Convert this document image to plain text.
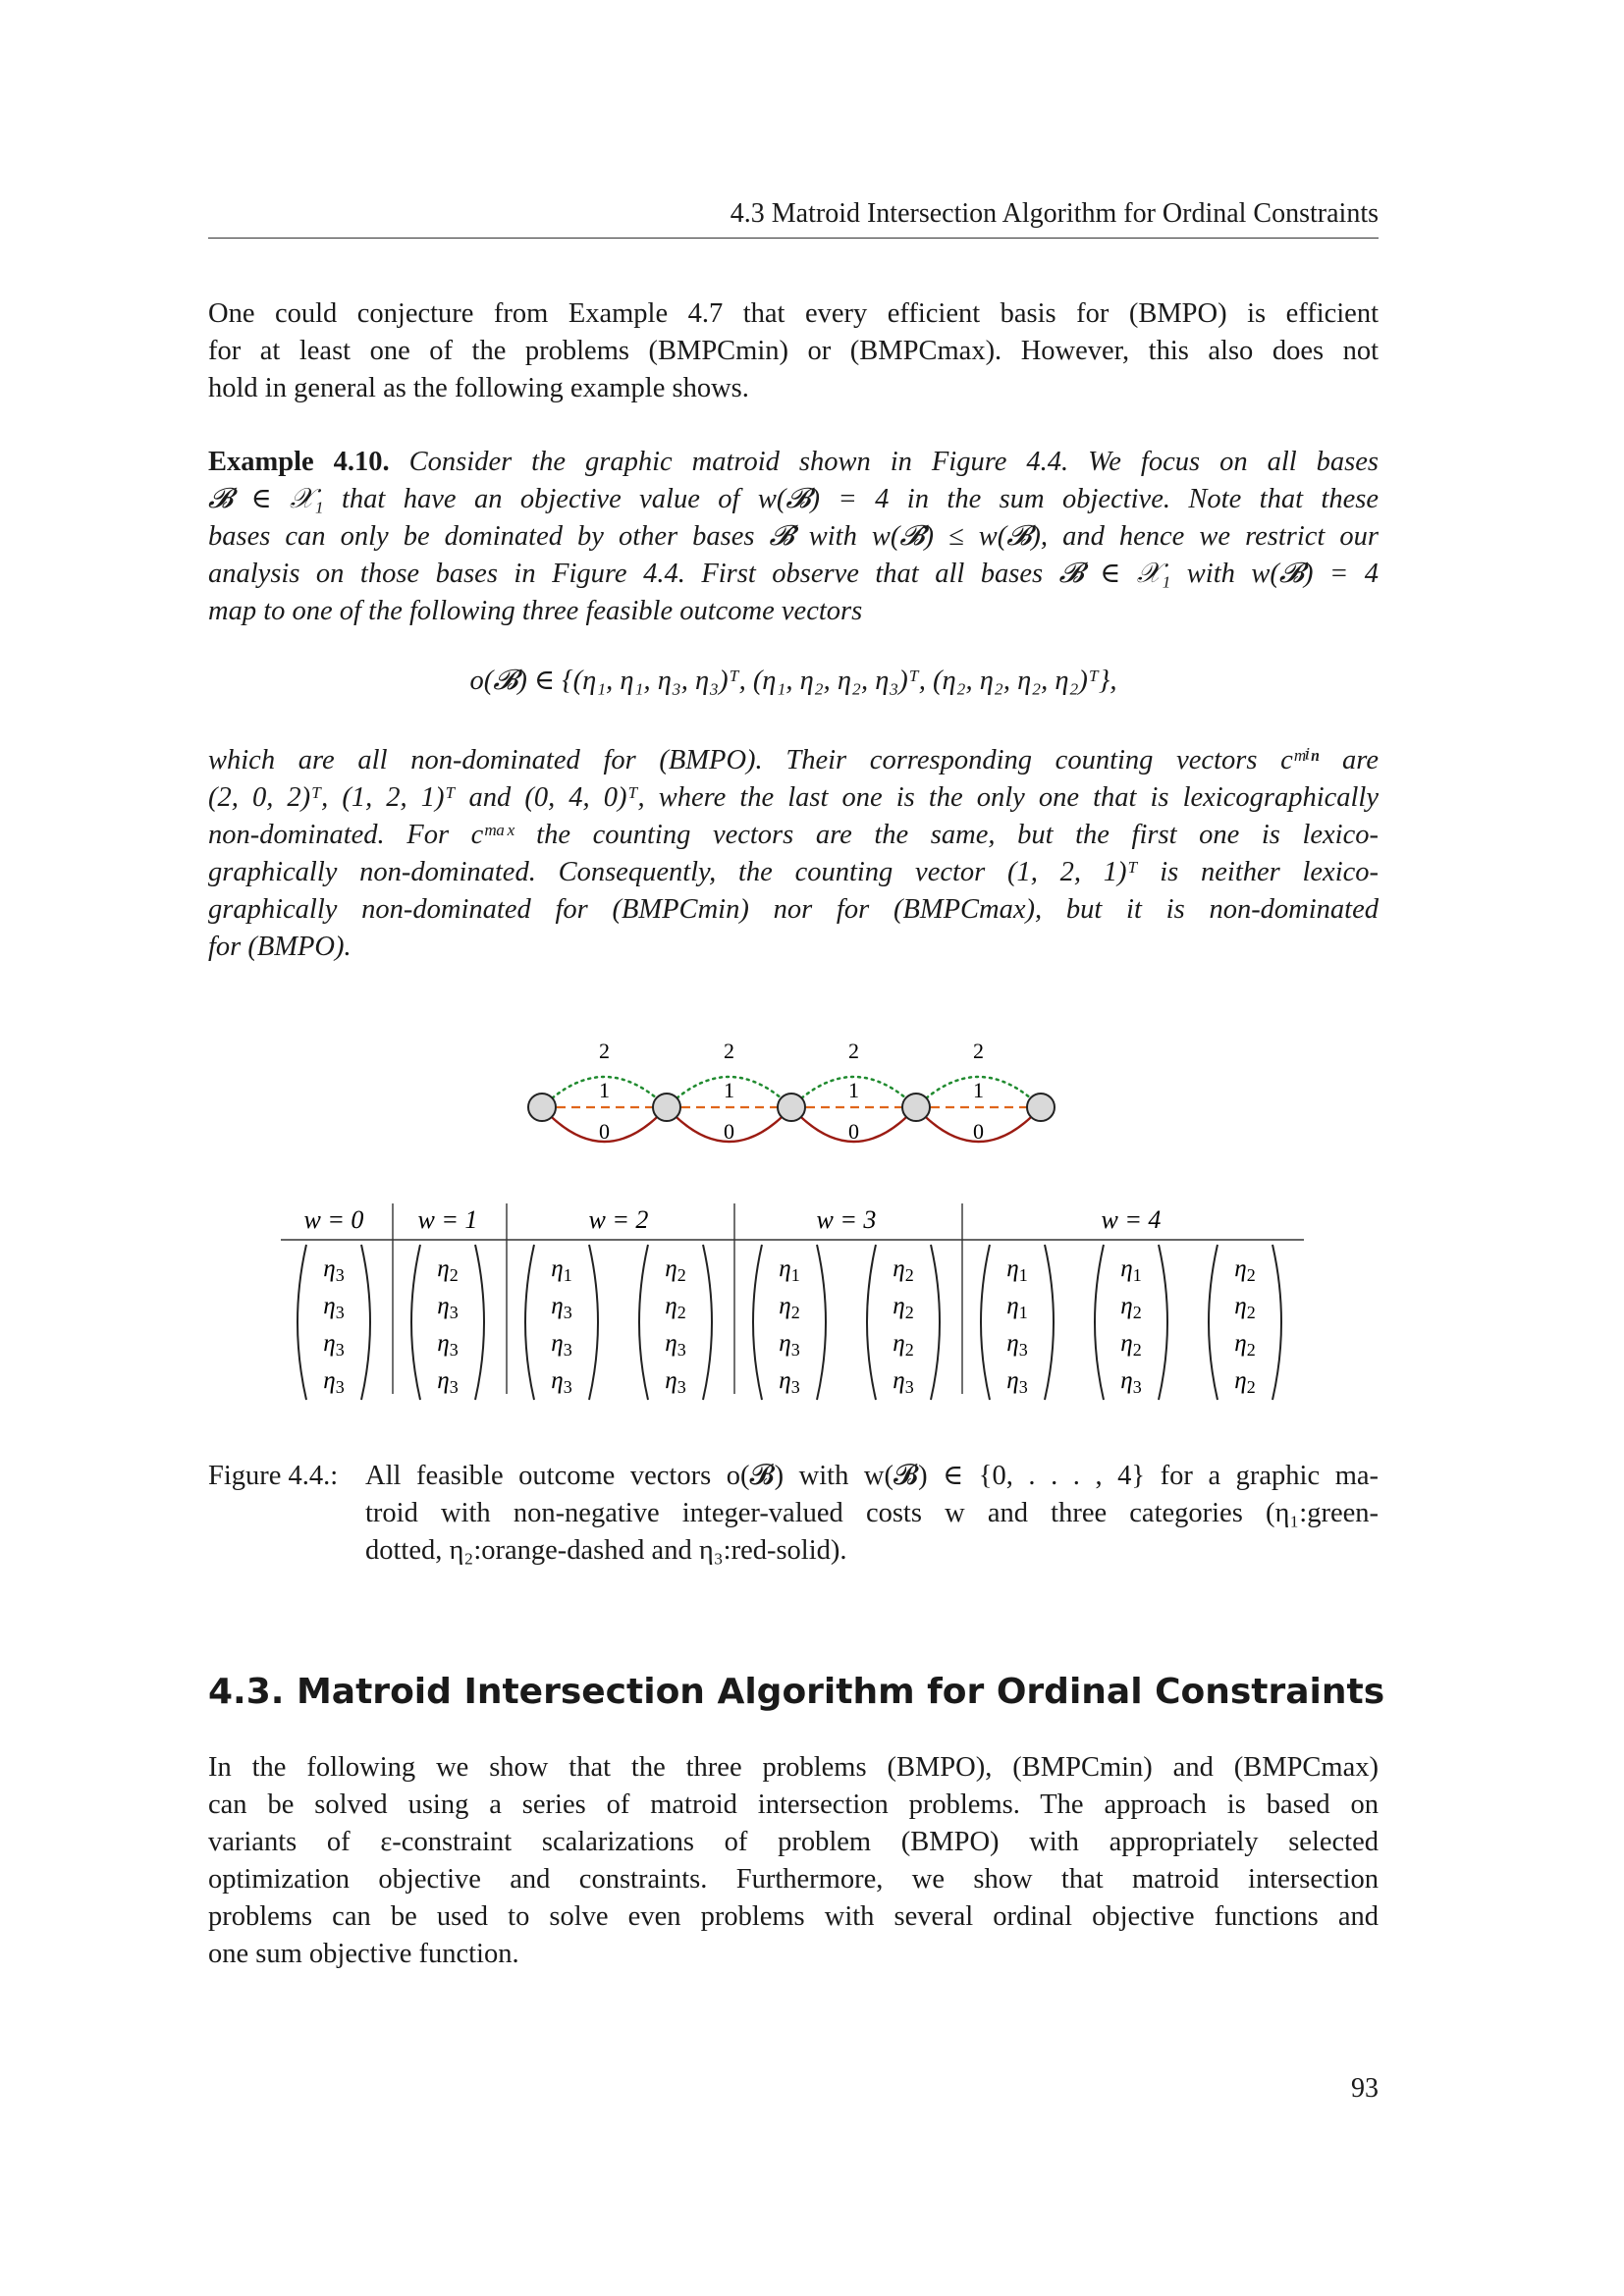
4.3 Matroid Intersection Algorithm for Ordinal Constraints
One could conjecture from Example 4.7 that every efficient basis for (BMPO) is efficient
for at least one of the problems (BMPCmin) or (BMPCmax). However, this also does not
hold in general as the following example shows.
Example 4.10. Consider the graphic matroid shown in Figure 4.4. We focus on all bases
𝓑 ∈ 𝒳₁ that have an objective value of w(𝓑) = 4 in the sum objective. Note that these
bases can only be dominated by other bases 𝓑̂ with w(𝓑̂) ≤ w(𝓑), and hence we restrict our
analysis on those bases in Figure 4.4. First observe that all bases 𝓑 ∈ 𝒳₁ with w(𝓑) = 4
map to one of the following three feasible outcome vectors
o(𝓑) ∈ {(η₁, η₁, η₃, η₃)ᵀ, (η₁, η₂, η₂, η₃)ᵀ, (η₂, η₂, η₂, η₂)ᵀ},
which are all non-dominated for (BMPO). Their corresponding counting vectors cᵐⁱⁿ are
(2, 0, 2)ᵀ, (1, 2, 1)ᵀ and (0, 4, 0)ᵀ, where the last one is the only one that is lexicographically
non-dominated. For cᵐᵃˣ the counting vectors are the same, but the first one is lexico-
graphically non-dominated. Consequently, the counting vector (1, 2, 1)ᵀ is neither lexico-
graphically non-dominated for (BMPCmin) nor for (BMPCmax), but it is non-dominated
for (BMPO).
2
1
0
2
1
0
2
1
0
2
1
0
w = 0
$\eta_3$
$\eta_3$
$\eta_3$
$\eta_3$
w = 1
$\eta_2$
$\eta_3$
$\eta_3$
$\eta_3$
w = 2
$\eta_1$
$\eta_3$
$\eta_3$
$\eta_3$
$\eta_2$
$\eta_2$
$\eta_3$
$\eta_3$
w = 3
$\eta_1$
$\eta_2$
$\eta_3$
$\eta_3$
$\eta_2$
$\eta_2$
$\eta_2$
$\eta_3$
w = 4
$\eta_1$
$\eta_1$
$\eta_3$
$\eta_3$
$\eta_1$
$\eta_2$
$\eta_2$
$\eta_3$
$\eta_2$
$\eta_2$
$\eta_2$
$\eta_2$
Figure 4.4.: All feasible outcome vectors o(𝓑) with w(𝓑) ∈ {0, . . . , 4} for a graphic ma-
troid with non-negative integer-valued costs w and three categories (η₁:green-
dotted, η₂:orange-dashed and η₃:red-solid).
4.3. Matroid Intersection Algorithm for Ordinal Constraints
In the following we show that the three problems (BMPO), (BMPCmin) and (BMPCmax)
can be solved using a series of matroid intersection problems. The approach is based on
variants of ε-constraint scalarizations of problem (BMPO) with appropriately selected
optimization objective and constraints. Furthermore, we show that matroid intersection
problems can be used to solve even problems with several ordinal objective functions and
one sum objective function.
93
